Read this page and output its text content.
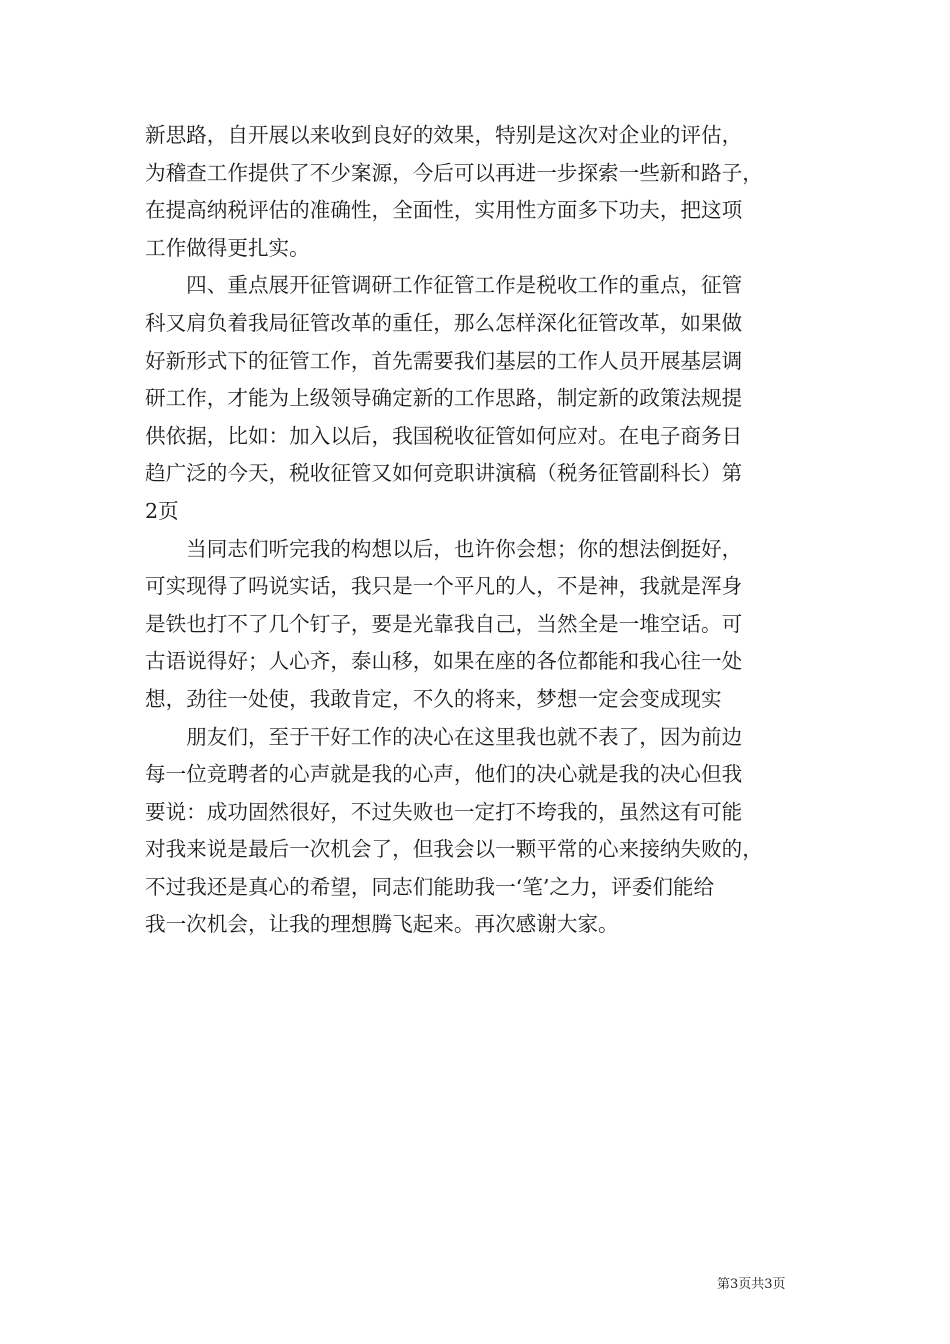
新思路，自开展以来收到良好的效果，特别是这次对企业的评估，
为稽查工作提供了不少案源，今后可以再进一步探索一些新和路子，
在提高纳税评估的准确性，全面性，实用性方面多下功夫，把这项
工作做得更扎实。
　　四、重点展开征管调研工作征管工作是税收工作的重点，征管
科又肩负着我局征管改革的重任，那么怎样深化征管改革，如果做
好新形式下的征管工作，首先需要我们基层的工作人员开展基层调
研工作，才能为上级领导确定新的工作思路，制定新的政策法规提
供依据，比如：加入以后，我国税收征管如何应对。在电子商务日
趋广泛的今天，税收征管又如何竞职讲演稿（税务征管副科长）第
2页
　　当同志们听完我的构想以后，也许你会想；你的想法倒挺好，
可实现得了吗说实话，我只是一个平凡的人，不是神，我就是浑身
是铁也打不了几个钉子，要是光靠我自己，当然全是一堆空话。可
古语说得好；人心齐，泰山移，如果在座的各位都能和我心往一处
想，劲往一处使，我敢肯定，不久的将来，梦想一定会变成现实
　　朋友们，至于干好工作的决心在这里我也就不表了，因为前边
每一位竞聘者的心声就是我的心声，他们的决心就是我的决心但我
要说：成功固然很好，不过失败也一定打不垮我的，虽然这有可能
对我来说是最后一次机会了，但我会以一颗平常的心来接纳失败的，
不过我还是真心的希望，同志们能助我一‘笔’之力，评委们能给
我一次机会，让我的理想腾飞起来。再次感谢大家。
第3页共3页
